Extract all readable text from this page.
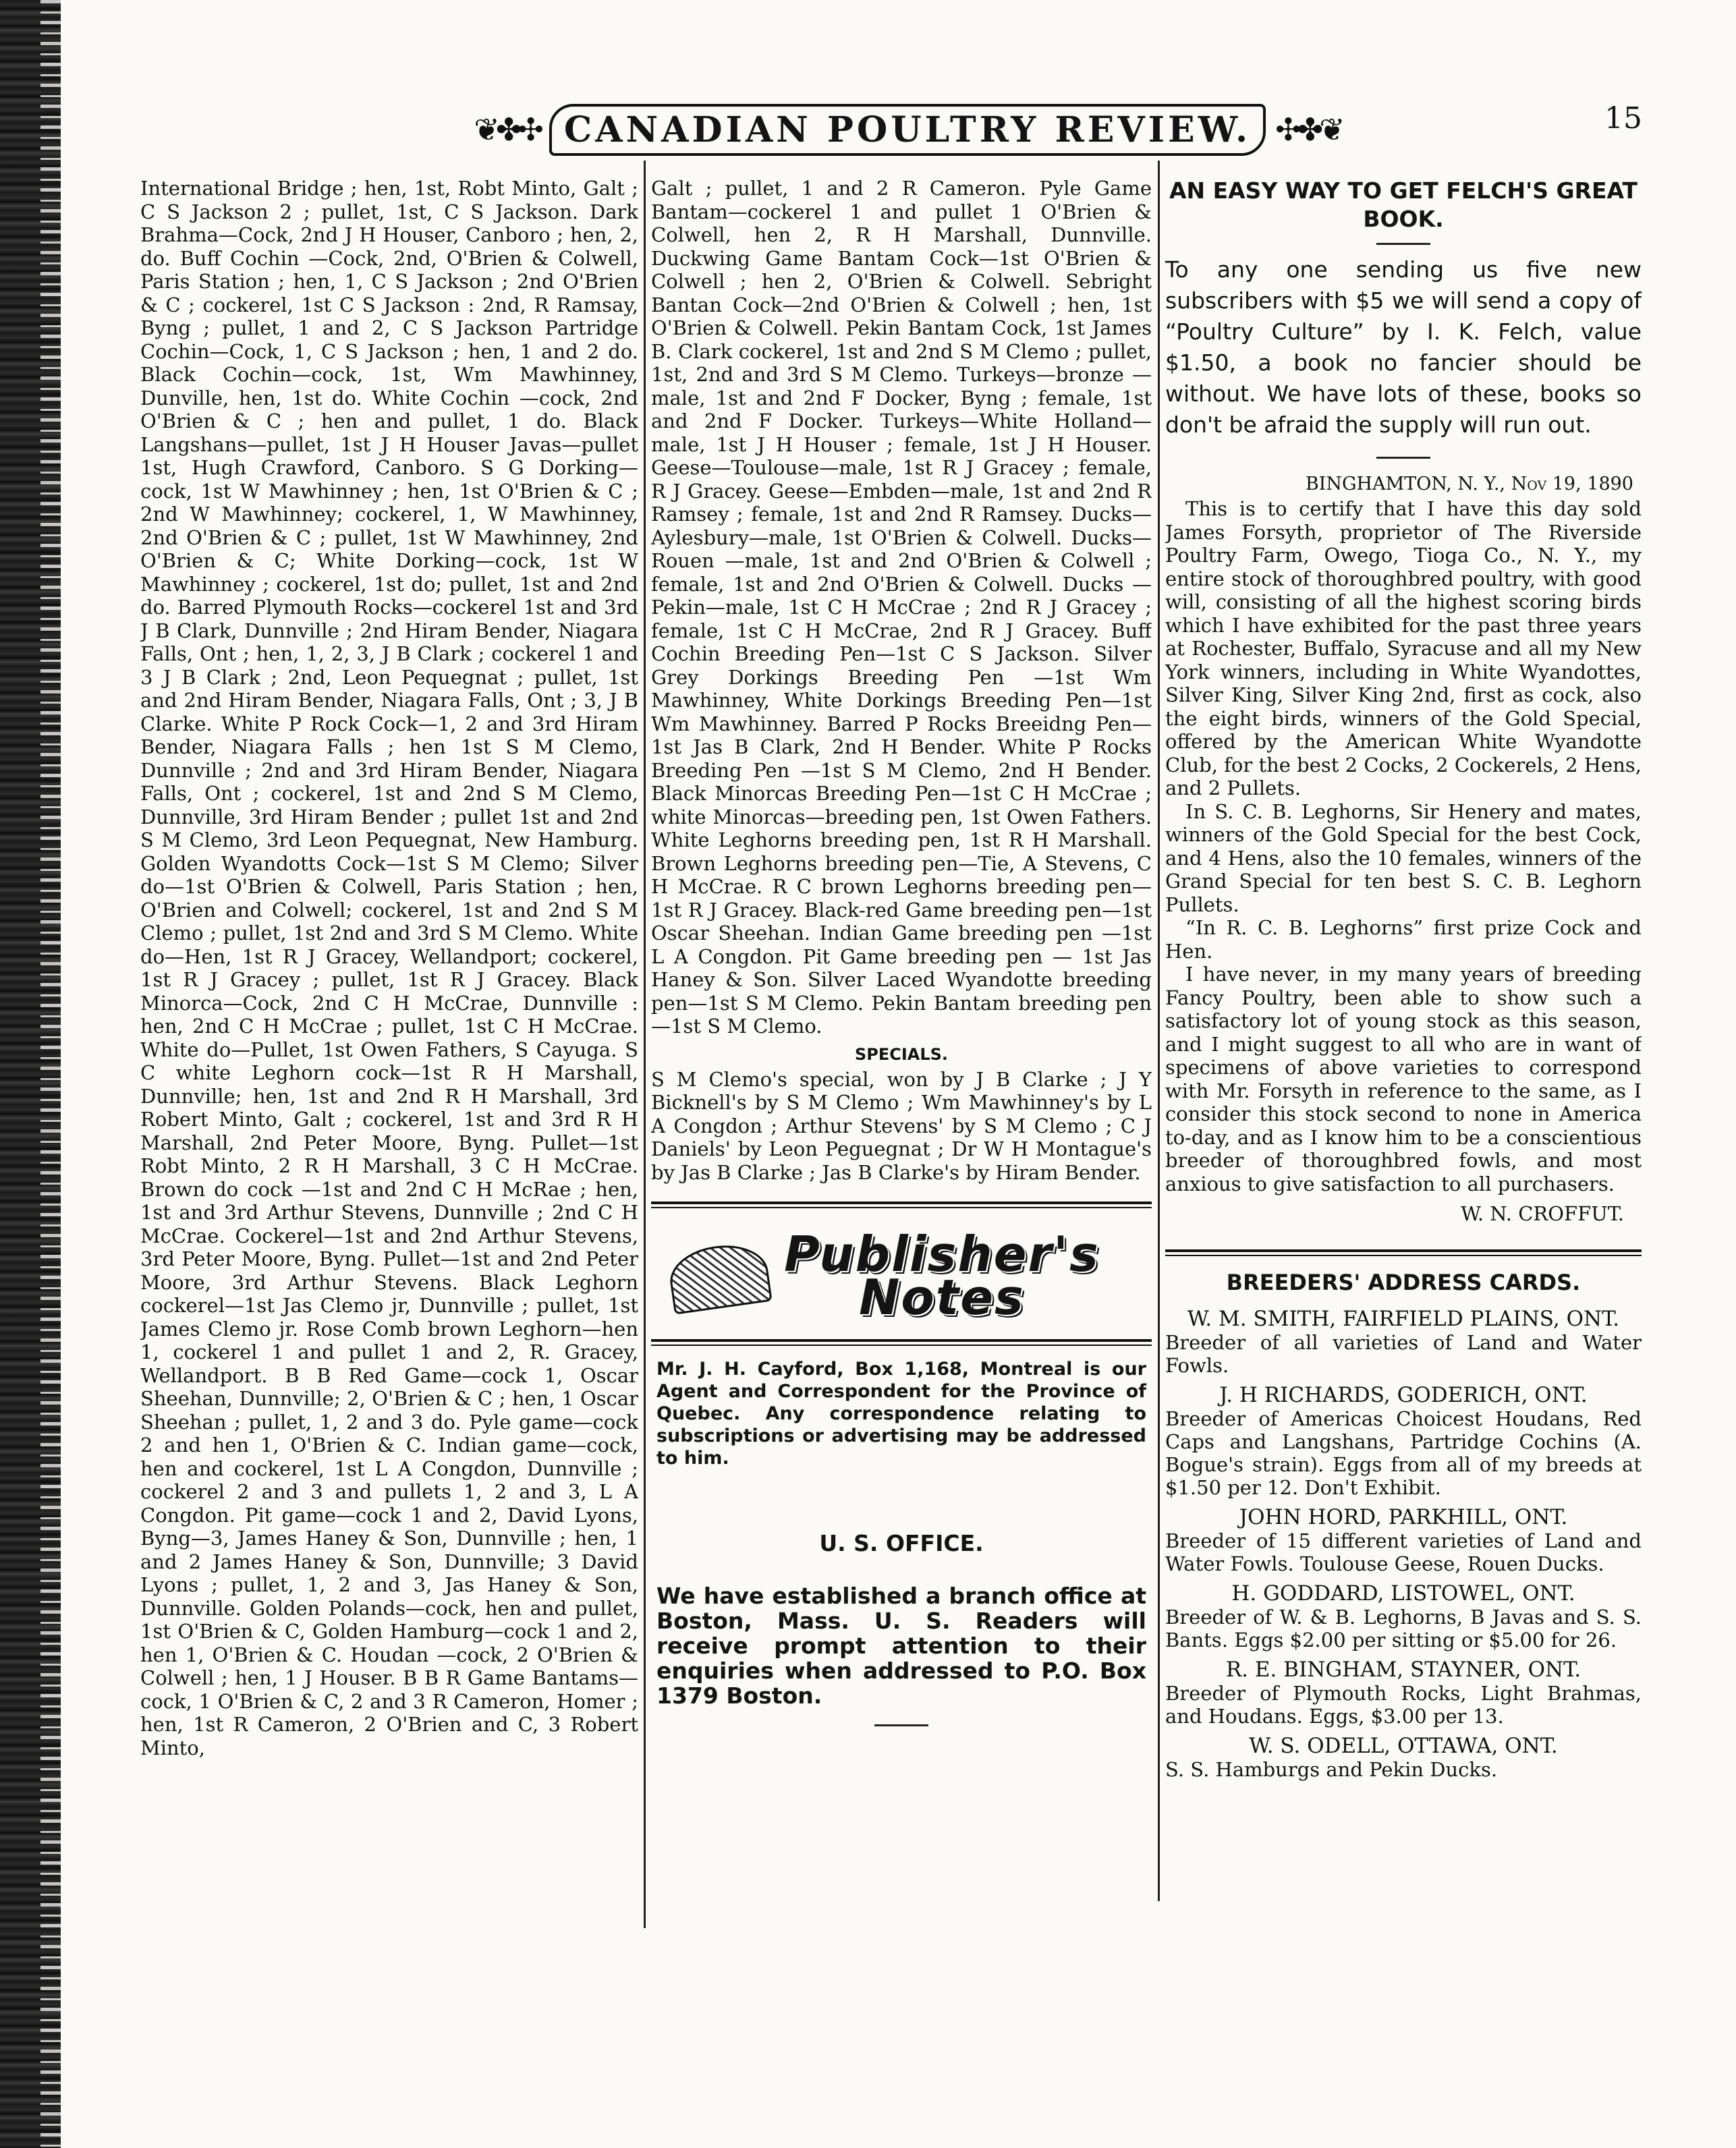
❦✤✣ CANADIAN POULTRY REVIEW. ✣✤❦	15

International Bridge ; hen, 1st, Robt Minto, Galt ; C S Jackson 2 ; pullet, 1st, C S Jackson. Dark Brahma—Cock, 2nd J H Houser, Canboro ; hen, 2, do. Buff Cochin —Cock, 2nd, O'Brien & Colwell, Paris Station ; hen, 1, C S Jackson ; 2nd O'Brien & C ; cockerel, 1st C S Jackson : 2nd, R Ramsay, Byng ; pullet, 1 and 2, C S Jackson Partridge Cochin—Cock, 1, C S Jackson ; hen, 1 and 2 do. Black Cochin—cock, 1st, Wm Mawhinney, Dunville, hen, 1st do. White Cochin —cock, 2nd O'Brien & C ; hen and pullet, 1 do. Black Langshans—pullet, 1st J H Houser Javas—pullet 1st, Hugh Crawford, Canboro. S G Dorking—cock, 1st W Mawhinney ; hen, 1st O'Brien & C ; 2nd W Mawhinney; cockerel, 1, W Mawhinney, 2nd O'Brien & C ; pullet, 1st W Mawhinney, 2nd O'Brien & C; White Dorking—cock, 1st W Mawhinney ; cockerel, 1st do; pullet, 1st and 2nd do. Barred Plymouth Rocks—cockerel 1st and 3rd J B Clark, Dunnville ; 2nd Hiram Bender, Niagara Falls, Ont ; hen, 1, 2, 3, J B Clark ; cockerel 1 and 3 J B Clark ; 2nd, Leon Pequegnat ; pullet, 1st and 2nd Hiram Bender, Niagara Falls, Ont ; 3, J B Clarke. White P Rock Cock—1, 2 and 3rd Hiram Bender, Niagara Falls ; hen 1st S M Clemo, Dunnville ; 2nd and 3rd Hiram Bender, Niagara Falls, Ont ; cockerel, 1st and 2nd S M Clemo, Dunnville, 3rd Hiram Bender ; pullet 1st and 2nd S M Clemo, 3rd Leon Pequegnat, New Hamburg. Golden Wyandotts Cock—1st S M Clemo; Silver do—1st O'Brien & Colwell, Paris Station ; hen, O'Brien and Colwell; cockerel, 1st and 2nd S M Clemo ; pullet, 1st 2nd and 3rd S M Clemo. White do—Hen, 1st R J Gracey, Wellandport; cockerel, 1st R J Gracey ; pullet, 1st R J Gracey. Black Minorca—Cock, 2nd C H McCrae, Dunnville : hen, 2nd C H McCrae ; pullet, 1st C H McCrae. White do—Pullet, 1st Owen Fathers, S Cayuga. S C white Leghorn cock—1st R H Marshall, Dunnville; hen, 1st and 2nd R H Marshall, 3rd Robert Minto, Galt ; cockerel, 1st and 3rd R H Marshall, 2nd Peter Moore, Byng. Pullet—1st Robt Minto, 2 R H Marshall, 3 C H McCrae. Brown do cock —1st and 2nd C H McRae ; hen, 1st and 3rd Arthur Stevens, Dunnville ; 2nd C H McCrae. Cockerel—1st and 2nd Arthur Stevens, 3rd Peter Moore, Byng. Pullet—1st and 2nd Peter Moore, 3rd Arthur Stevens. Black Leghorn cockerel—1st Jas Clemo jr, Dunnville ; pullet, 1st James Clemo jr. Rose Comb brown Leghorn—hen 1, cockerel 1 and pullet 1 and 2, R. Gracey, Wellandport. B B Red Game—cock 1, Oscar Sheehan, Dunnville; 2, O'Brien & C ; hen, 1 Oscar Sheehan ; pullet, 1, 2 and 3 do. Pyle game—cock 2 and hen 1, O'Brien & C. Indian game—cock, hen and cockerel, 1st L A Congdon, Dunnville ; cockerel 2 and 3 and pullets 1, 2 and 3, L A Congdon. Pit game—cock 1 and 2, David Lyons, Byng—3, James Haney & Son, Dunnville ; hen, 1 and 2 James Haney & Son, Dunnville; 3 David Lyons ; pullet, 1, 2 and 3, Jas Haney & Son, Dunnville. Golden Polands—cock, hen and pullet, 1st O'Brien & C, Golden Hamburg—cock 1 and 2, hen 1, O'Brien & C. Houdan —cock, 2 O'Brien & Colwell ; hen, 1 J Houser. B B R Game Bantams—cock, 1 O'Brien & C, 2 and 3 R Cameron, Homer ; hen, 1st R Cameron, 2 O'Brien and C, 3 Robert Minto,

Galt ; pullet, 1 and 2 R Cameron. Pyle Game Bantam—cockerel 1 and pullet 1 O'Brien & Colwell, hen 2, R H Marshall, Dunnville. Duckwing Game Bantam Cock—1st O'Brien & Colwell ; hen 2, O'Brien & Colwell. Sebright Bantan Cock—2nd O'Brien & Colwell ; hen, 1st O'Brien & Colwell. Pekin Bantam Cock, 1st James B. Clark cockerel, 1st and 2nd S M Clemo ; pullet, 1st, 2nd and 3rd S M Clemo. Turkeys—bronze —male, 1st and 2nd F Docker, Byng ; female, 1st and 2nd F Docker. Turkeys—White Holland—male, 1st J H Houser ; female, 1st J H Houser. Geese—Toulouse—male, 1st R J Gracey ; female, R J Gracey. Geese—Embden—male, 1st and 2nd R Ramsey ; female, 1st and 2nd R Ramsey. Ducks—Aylesbury—male, 1st O'Brien & Colwell. Ducks—Rouen —male, 1st and 2nd O'Brien & Colwell ; female, 1st and 2nd O'Brien & Colwell. Ducks —Pekin—male, 1st C H McCrae ; 2nd R J Gracey ; female, 1st C H McCrae, 2nd R J Gracey. Buff Cochin Breeding Pen—1st C S Jackson. Silver Grey Dorkings Breeding Pen —1st Wm Mawhinney, White Dorkings Breeding Pen—1st Wm Mawhinney. Barred P Rocks Breeidng Pen—1st Jas B Clark, 2nd H Bender. White P Rocks Breeding Pen —1st S M Clemo, 2nd H Bender. Black Minorcas Breeding Pen—1st C H McCrae ; white Minorcas—breeding pen, 1st Owen Fathers. White Leghorns breeding pen, 1st R H Marshall. Brown Leghorns breeding pen—Tie, A Stevens, C H McCrae. R C brown Leghorns breeding pen—1st R J Gracey. Black-red Game breeding pen—1st Oscar Sheehan. Indian Game breeding pen —1st L A Congdon. Pit Game breeding pen — 1st Jas Haney & Son. Silver Laced Wyandotte breeding pen—1st S M Clemo. Pekin Bantam breeding pen—1st S M Clemo.

SPECIALS.

S M Clemo's special, won by J B Clarke ; J Y Bicknell's by S M Clemo ; Wm Mawhinney's by L A Congdon ; Arthur Stevens' by S M Clemo ; C J Daniels' by Leon Peguegnat ; Dr W H Montague's by Jas B Clarke ; Jas B Clarke's by Hiram Bender.

Publisher's
Notes

Mr. J. H. Cayford, Box 1,168, Montreal is our Agent and Correspondent for the Province of Quebec. Any correspondence relating to subscriptions or advertising may be addressed to him.

U. S. OFFICE.

We have established a branch office at Boston, Mass. U. S. Readers will receive prompt attention to their enquiries when addressed to P.O. Box 1379 Boston.

AN EASY WAY TO GET FELCH'S GREAT BOOK.

To any one sending us five new subscribers with $5 we will send a copy of “Poultry Culture” by I. K. Felch, value $1.50, a book no fancier should be without. We have lots of these, books so don't be afraid the supply will run out.

BINGHAMTON, N. Y., Nov 19, 1890

This is to certify that I have this day sold James Forsyth, proprietor of The Riverside Poultry Farm, Owego, Tioga Co., N. Y., my entire stock of thoroughbred poultry, with good will, consisting of all the highest scoring birds which I have exhibited for the past three years at Rochester, Buffalo, Syracuse and all my New York winners, including in White Wyandottes, Silver King, Silver King 2nd, first as cock, also the eight birds, winners of the Gold Special, offered by the American White Wyandotte Club, for the best 2 Cocks, 2 Cockerels, 2 Hens, and 2 Pullets.

In S. C. B. Leghorns, Sir Henery and mates, winners of the Gold Special for the best Cock, and 4 Hens, also the 10 females, winners of the Grand Special for ten best S. C. B. Leghorn Pullets.

“In R. C. B. Leghorns” first prize Cock and Hen.

I have never, in my many years of breeding Fancy Poultry, been able to show such a satisfactory lot of young stock as this season, and I might suggest to all who are in want of specimens of above varieties to correspond with Mr. Forsyth in reference to the same, as I consider this stock second to none in America to-day, and as I know him to be a conscientious breeder of thoroughbred fowls, and most anxious to give satisfaction to all purchasers.

W. N. CROFFUT.

BREEDERS' ADDRESS CARDS.

W. M. SMITH, FAIRFIELD PLAINS, ONT.

Breeder of all varieties of Land and Water Fowls.

J. H RICHARDS, GODERICH, ONT.

Breeder of Americas Choicest Houdans, Red Caps and Langshans, Partridge Cochins (A. Bogue's strain). Eggs from all of my breeds at $1.50 per 12. Don't Exhibit.

JOHN HORD, PARKHILL, ONT.

Breeder of 15 different varieties of Land and Water Fowls. Toulouse Geese, Rouen Ducks.

H. GODDARD, LISTOWEL, ONT.

Breeder of W. & B. Leghorns, B Javas and S. S. Bants. Eggs $2.00 per sitting or $5.00 for 26.

R. E. BINGHAM, STAYNER, ONT.

Breeder of Plymouth Rocks, Light Brahmas, and Houdans. Eggs, $3.00 per 13.

W. S. ODELL, OTTAWA, ONT.

S. S. Hamburgs and Pekin Ducks.
